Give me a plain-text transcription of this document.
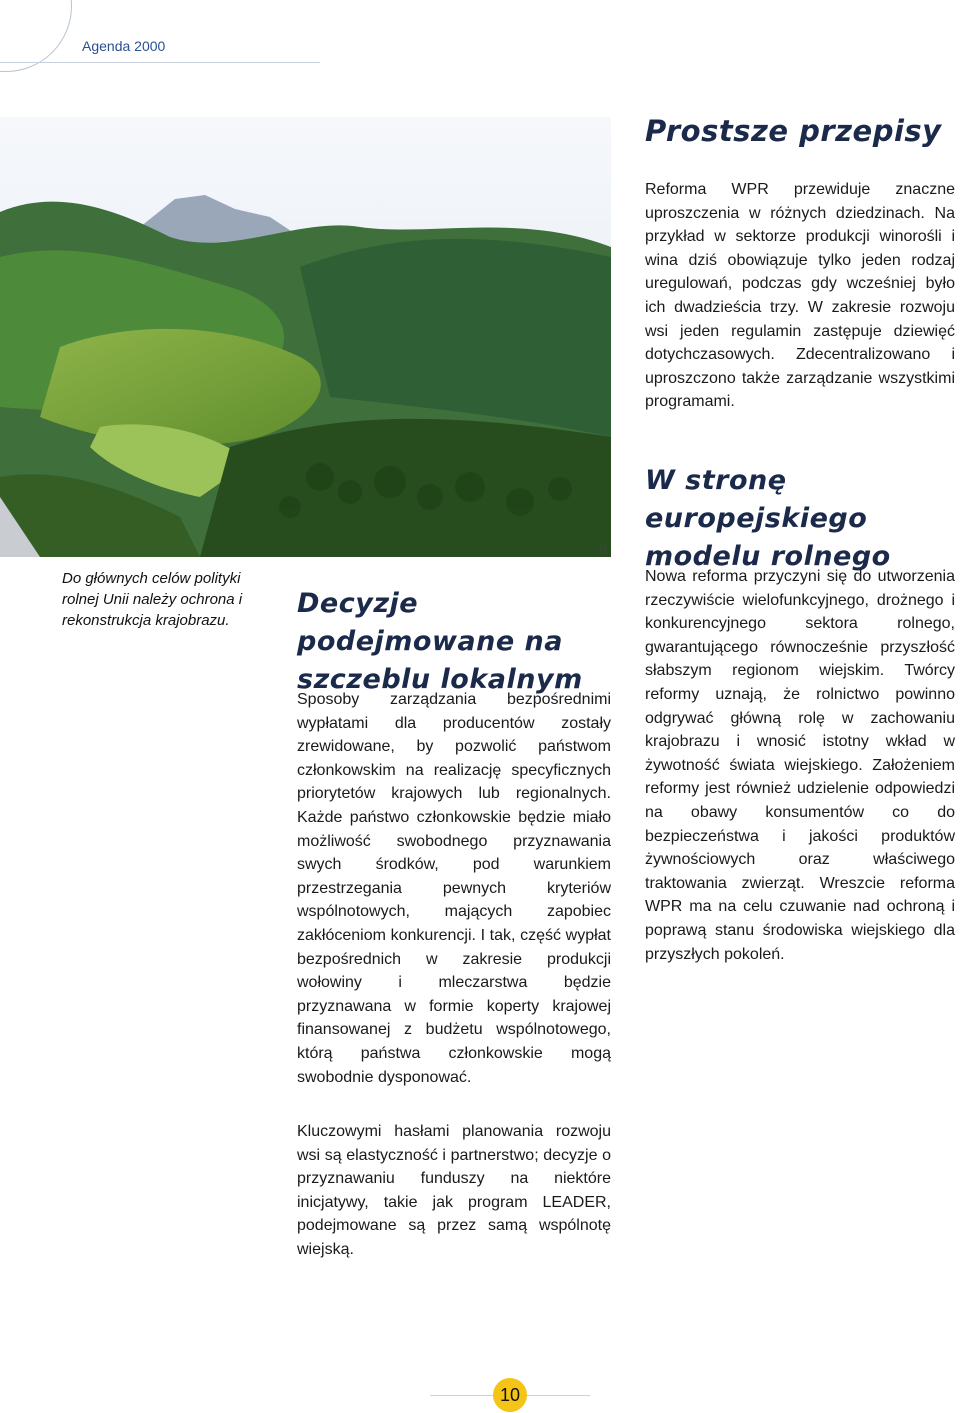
Agenda 2000
39
Do głównych celów polityki rolnej Unii należy ochrona i rekonstrukcja krajobrazu.
Prostsze przepisy

Reforma WPR przewiduje znaczne uproszczenia w różnych dziedzinach. Na przykład w sektorze produkcji winorośli i wina dziś obowiązuje tylko jeden rodzaj uregulowań, podczas gdy wcześniej było ich dwadzieścia trzy. W zakresie rozwoju wsi jeden regulamin zastępuje dziewięć dotychczasowych. Zdecentralizowano i uproszczono także zarządzanie wszystkimi programami.

W stronę europejskiego modelu rolnego

Nowa reforma przyczyni się do utworzenia rzeczywiście wielofunkcyjnego, drożnego i konkurencyjnego sektora rolnego, gwarantującego równocześnie przyszłość słabszym regionom wiejskim. Twórcy reformy uznają, że rolnictwo powinno odgrywać główną rolę w zachowaniu krajobrazu i wnosić istotny wkład w żywotność świata wiejskiego. Założeniem reformy jest również udzielenie odpowiedzi na obawy konsumentów co do bezpieczeństwa i jakości produktów żywnościowych oraz właściwego traktowania zwierząt. Wreszcie reforma WPR ma na celu czuwanie nad ochroną i poprawą stanu środowiska wiejskiego dla przyszłych pokoleń.

Decyzje podejmowane na szczeblu lokalnym

Sposoby zarządzania bezpośrednimi wypłatami dla producentów zostały zrewidowane, by pozwolić państwom członkowskim na realizację specyficznych priorytetów krajowych lub regionalnych. Każde państwo członkowskie będzie miało możliwość swobodnego przyznawania swych środków, pod warunkiem przestrzegania pewnych kryteriów wspólnotowych, mających zapobiec zakłóceniom konkurencji. I tak, część wypłat bezpośrednich w zakresie produkcji wołowiny i mleczarstwa będzie przyznawana w formie koperty krajowej finansowanej z budżetu wspólnotowego, którą państwa członkowskie mogą swobodnie dysponować.

Kluczowymi hasłami planowania rozwoju wsi są elastyczność i partnerstwo; decyzje o przyznawaniu funduszy na niektóre inicjatywy, takie jak program LEADER, podejmowane są przez samą wspólnotę wiejską.

10
